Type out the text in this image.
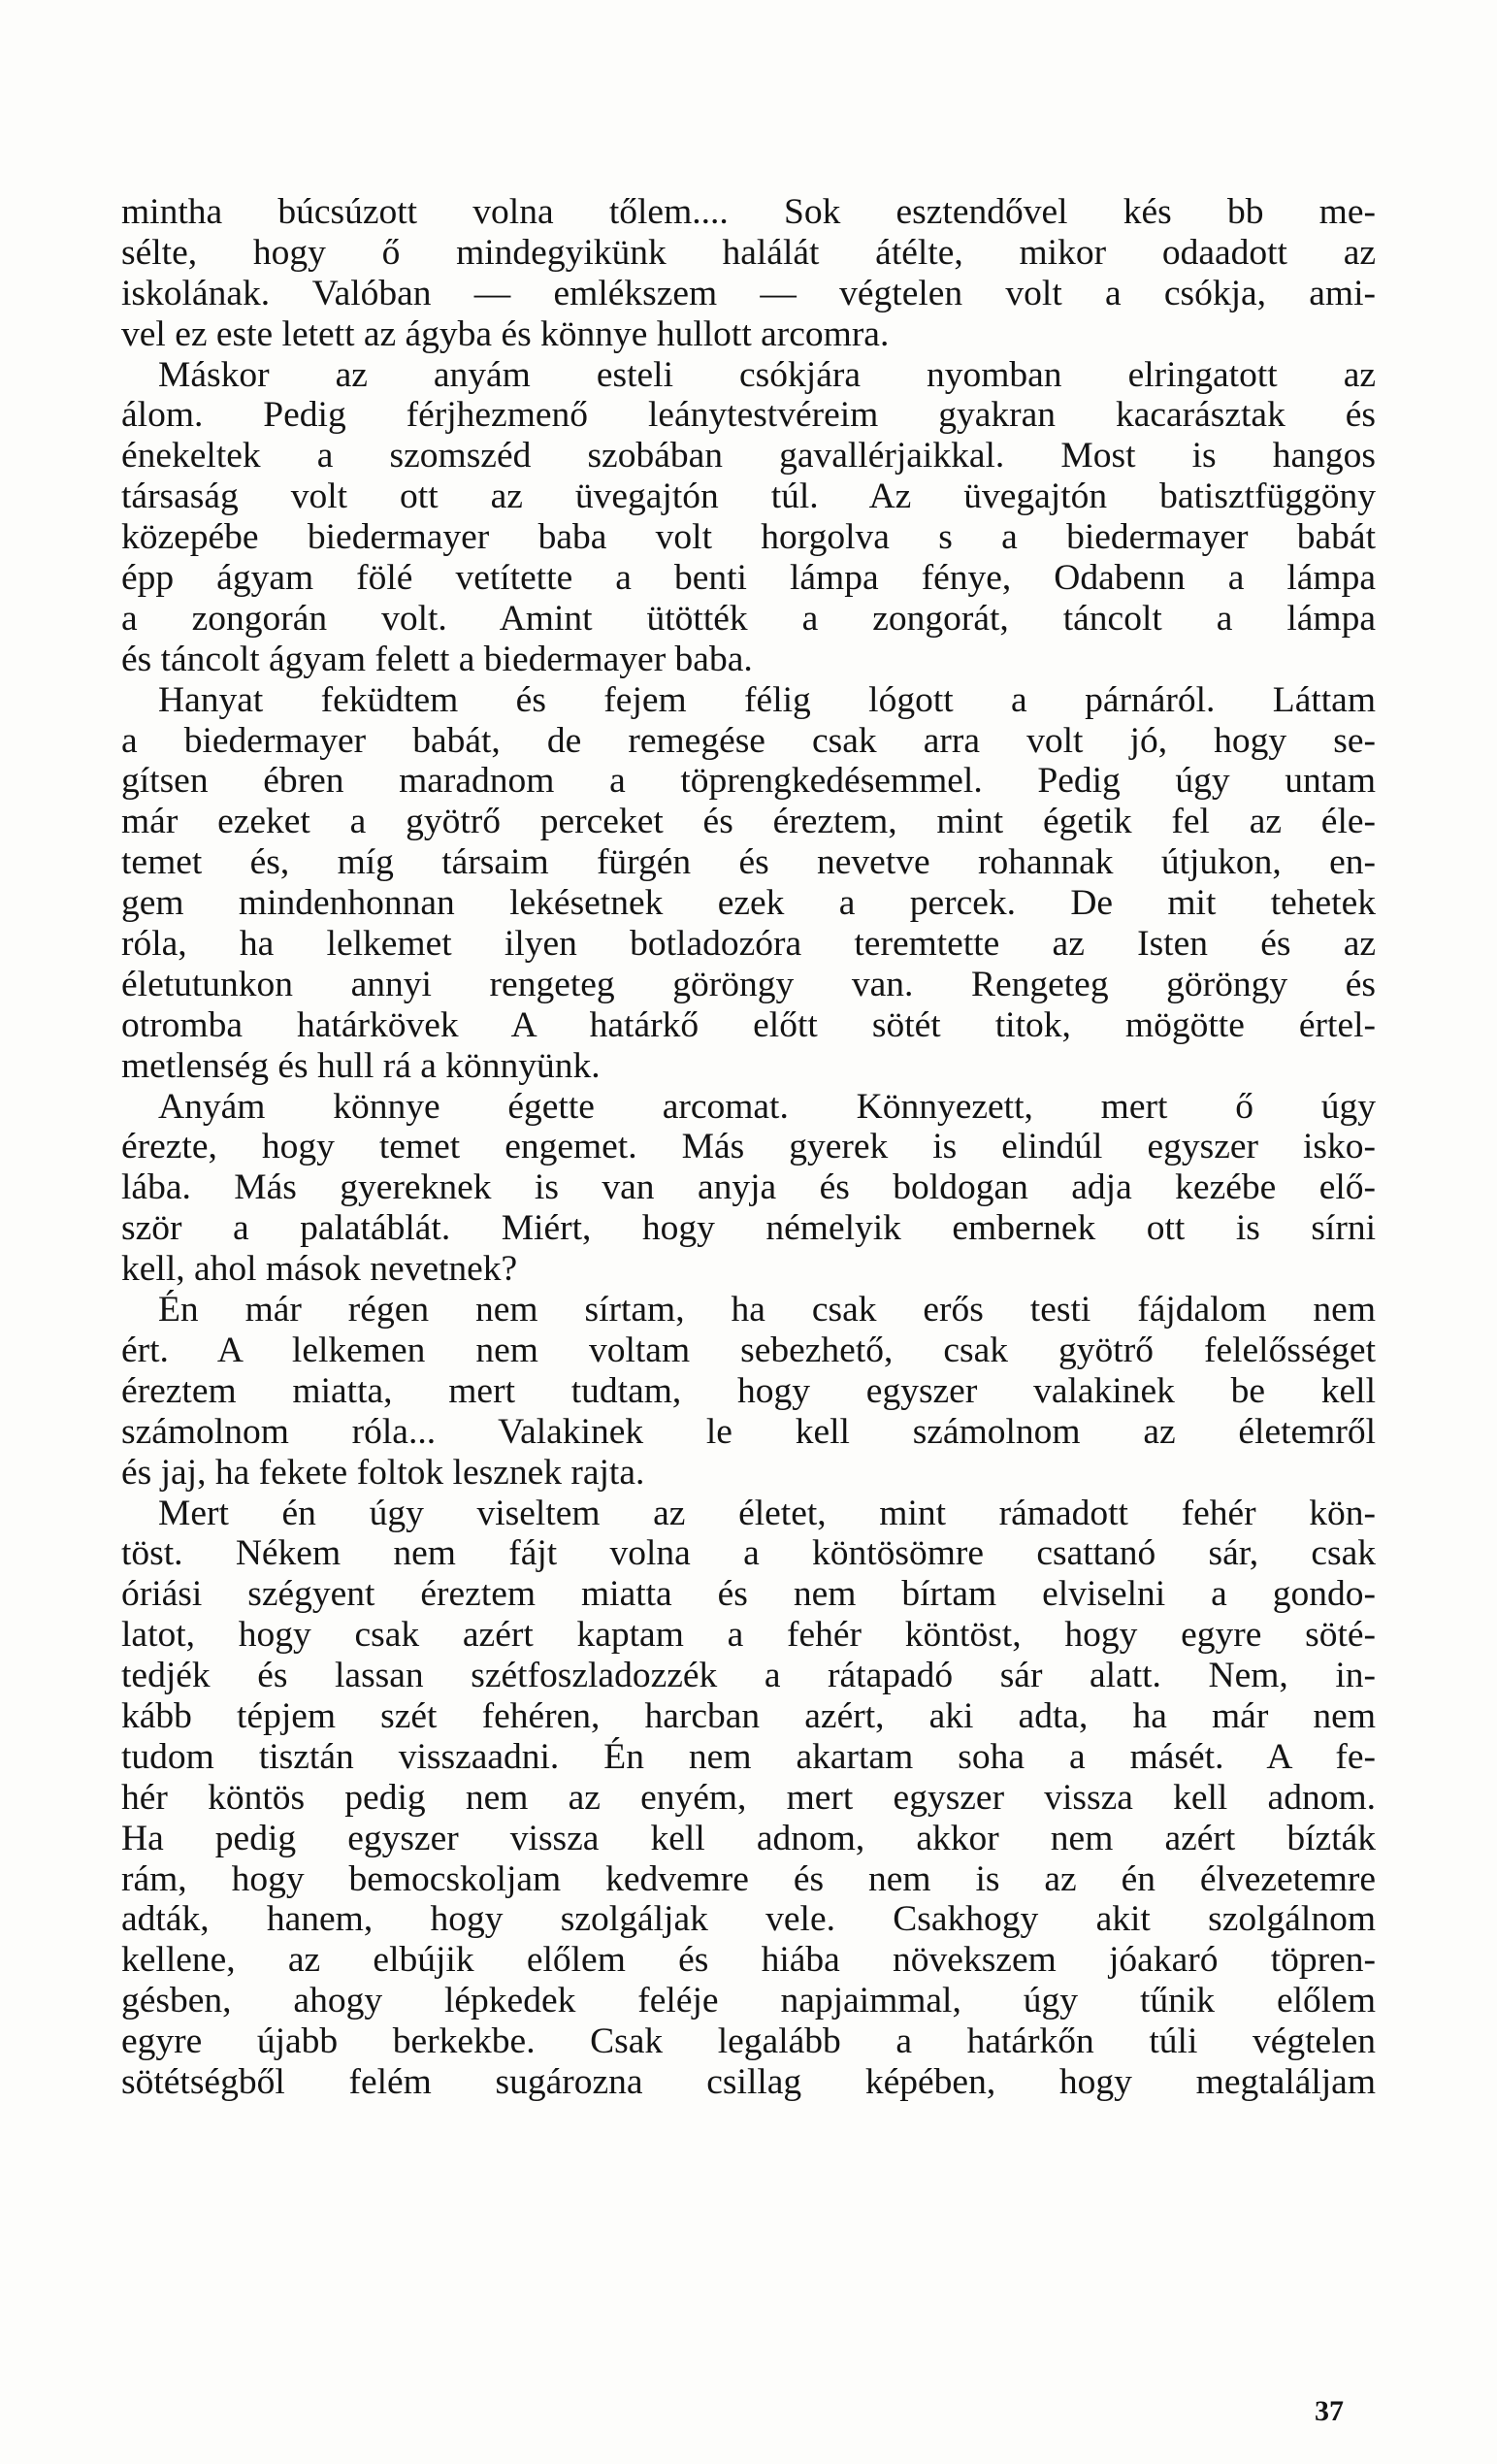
mintha búcsúzott volna tőlem.... Sok esztendővel kés bb me-
sélte, hogy ő mindegyikünk halálát átélte, mikor odaadott az
iskolának. Valóban — emlékszem — végtelen volt a csókja, ami-
vel ez este letett az ágyba és könnye hullott arcomra.
Máskor az anyám esteli csókjára nyomban elringatott az
álom. Pedig férjhezmenő leánytestvéreim gyakran kacarásztak és
énekeltek a szomszéd szobában gavallérjaikkal. Most is hangos
társaság volt ott az üvegajtón túl. Az üvegajtón batisztfüggöny
közepébe biedermayer baba volt horgolva s a biedermayer babát
épp ágyam fölé vetítette a benti lámpa fénye, Odabenn a lámpa
a zongorán volt. Amint ütötték a zongorát, táncolt a lámpa
és táncolt ágyam felett a biedermayer baba.
Hanyat feküdtem és fejem félig lógott a párnáról. Láttam
a biedermayer babát, de remegése csak arra volt jó, hogy se-
gítsen ébren maradnom a töprengkedésemmel. Pedig úgy untam
már ezeket a gyötrő perceket és éreztem, mint égetik fel az éle-
temet és, míg társaim fürgén és nevetve rohannak útjukon, en-
gem mindenhonnan lekésetnek ezek a percek. De mit tehetek
róla, ha lelkemet ilyen botladozóra teremtette az Isten és az
életutunkon annyi rengeteg göröngy van. Rengeteg göröngy és
otromba határkövek A határkő előtt sötét titok, mögötte értel-
metlenség és hull rá a könnyünk.
Anyám könnye égette arcomat. Könnyezett, mert ő úgy
érezte, hogy temet engemet. Más gyerek is elindúl egyszer isko-
lába. Más gyereknek is van anyja és boldogan adja kezébe elő-
ször a palatáblát. Miért, hogy némelyik embernek ott is sírni
kell, ahol mások nevetnek?
Én már régen nem sírtam, ha csak erős testi fájdalom nem
ért. A lelkemen nem voltam sebezhető, csak gyötrő felelősséget
éreztem miatta, mert tudtam, hogy egyszer valakinek be kell
számolnom róla... Valakinek le kell számolnom az életemről
és jaj, ha fekete foltok lesznek rajta.
Mert én úgy viseltem az életet, mint rámadott fehér kön-
töst. Nékem nem fájt volna a köntösömre csattanó sár, csak
óriási szégyent éreztem miatta és nem bírtam elviselni a gondo-
latot, hogy csak azért kaptam a fehér köntöst, hogy egyre söté-
tedjék és lassan szétfoszladozzék a rátapadó sár alatt. Nem, in-
kább tépjem szét fehéren, harcban azért, aki adta, ha már nem
tudom tisztán visszaadni. Én nem akartam soha a másét. A fe-
hér köntös pedig nem az enyém, mert egyszer vissza kell adnom.
Ha pedig egyszer vissza kell adnom, akkor nem azért bízták
rám, hogy bemocskoljam kedvemre és nem is az én élvezetemre
adták, hanem, hogy szolgáljak vele. Csakhogy akit szolgálnom
kellene, az elbújik előlem és hiába növekszem jóakaró töpren-
gésben, ahogy lépkedek feléje napjaimmal, úgy tűnik előlem
egyre újabb berkekbe. Csak legalább a határkőn túli végtelen
sötétségből felém sugározna csillag képében, hogy megtaláljam
37
